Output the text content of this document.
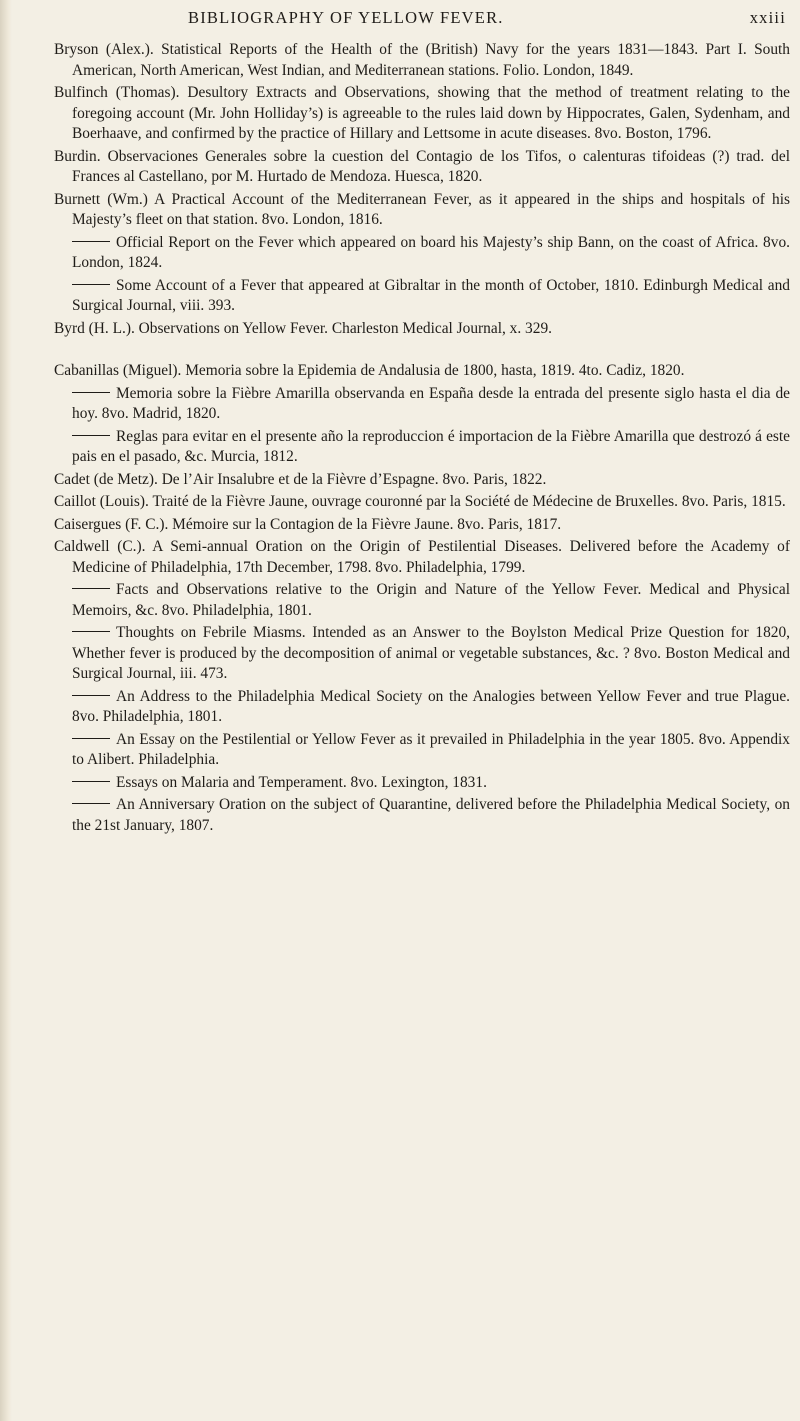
BIBLIOGRAPHY OF YELLOW FEVER.	xxiii

Bryson (Alex.). Statistical Reports of the Health of the (British) Navy for the years 1831—1843. Part I. South American, North American, West Indian, and Mediterranean stations. Folio. London, 1849.

Bulfinch (Thomas). Desultory Extracts and Observations, showing that the method of treatment relating to the foregoing account (Mr. John Holliday’s) is agreeable to the rules laid down by Hippocrates, Galen, Sydenham, and Boerhaave, and confirmed by the practice of Hillary and Lettsome in acute diseases. 8vo. Boston, 1796.

Burdin. Observaciones Generales sobre la cuestion del Contagio de los Tifos, o calenturas tifoideas (?) trad. del Frances al Castellano, por M. Hurtado de Mendoza. Huesca, 1820.

Burnett (Wm.) A Practical Account of the Mediterranean Fever, as it appeared in the ships and hospitals of his Majesty’s fleet on that station. 8vo. London, 1816.

Official Report on the Fever which appeared on board his Majesty’s ship Bann, on the coast of Africa. 8vo. London, 1824.

Some Account of a Fever that appeared at Gibraltar in the month of October, 1810. Edinburgh Medical and Surgical Journal, viii. 393.

Byrd (H. L.). Observations on Yellow Fever. Charleston Medical Journal, x. 329.

Cabanillas (Miguel). Memoria sobre la Epidemia de Andalusia de 1800, hasta, 1819. 4to. Cadiz, 1820.

Memoria sobre la Fièbre Amarilla observanda en España desde la entrada del presente siglo hasta el dia de hoy. 8vo. Madrid, 1820.

Reglas para evitar en el presente año la reproduccion é importacion de la Fièbre Amarilla que destrozó á este pais en el pasado, &c. Murcia, 1812.

Cadet (de Metz). De l’Air Insalubre et de la Fièvre d’Espagne. 8vo. Paris, 1822.

Caillot (Louis). Traité de la Fièvre Jaune, ouvrage couronné par la Société de Médecine de Bruxelles. 8vo. Paris, 1815.

Caisergues (F. C.). Mémoire sur la Contagion de la Fièvre Jaune. 8vo. Paris, 1817.

Caldwell (C.). A Semi-annual Oration on the Origin of Pestilential Diseases. Delivered before the Academy of Medicine of Philadelphia, 17th December, 1798. 8vo. Philadelphia, 1799.

Facts and Observations relative to the Origin and Nature of the Yellow Fever. Medical and Physical Memoirs, &c. 8vo. Philadelphia, 1801.

Thoughts on Febrile Miasms. Intended as an Answer to the Boylston Medical Prize Question for 1820, Whether fever is produced by the decomposition of animal or vegetable substances, &c. ? 8vo. Boston Medical and Surgical Journal, iii. 473.

An Address to the Philadelphia Medical Society on the Analogies between Yellow Fever and true Plague. 8vo. Philadelphia, 1801.

An Essay on the Pestilential or Yellow Fever as it prevailed in Philadelphia in the year 1805. 8vo. Appendix to Alibert. Philadelphia.

Essays on Malaria and Temperament. 8vo. Lexington, 1831.

An Anniversary Oration on the subject of Quarantine, delivered before the Philadelphia Medical Society, on the 21st January, 1807.
